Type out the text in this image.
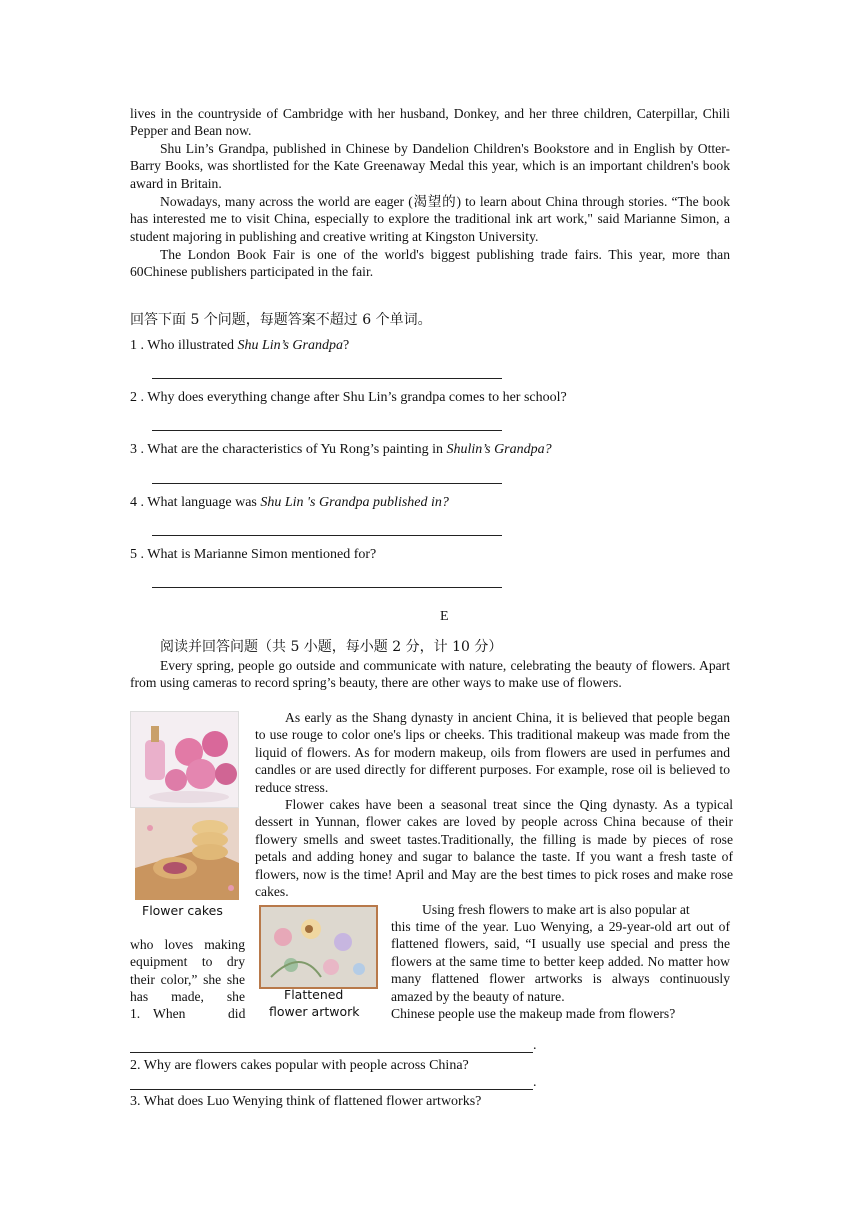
lives in the countryside of Cambridge with her husband, Donkey, and her three children, Caterpillar, Chili Pepper and Bean now.
Shu Lin’s Grandpa, published in Chinese by Dandelion Children's Bookstore and in English by Otter-Barry Books, was shortlisted for the Kate Greenaway Medal this year, which is an important children's book award in Britain.
Nowadays, many across the world are eager (渴望的) to learn about China through stories. “The book has interested me to visit China, especially to explore the traditional ink art work," said Marianne Simon, a student majoring in publishing and creative writing at Kingston University.
The London Book Fair is one of the world's biggest publishing trade fairs. This year, more than 60Chinese publishers participated in the fair.
回答下面 5 个问题，每题答案不超过 6 个单词。
1 . Who illustrated Shu Lin’s Grandpa?
2 . Why does everything change after Shu Lin’s grandpa comes to her school?
3 . What are the characteristics of Yu Rong’s painting in Shulin’s Grandpa?
4 . What language was Shu Lin 's Grandpa published in?
5 . What is Marianne Simon mentioned for?
E
阅读并回答问题（共 5 小题，每小题 2 分，计 10 分）
Every spring, people go outside and communicate with nature, celebrating the beauty of flowers. Apart from using cameras to record spring’s beauty, there are other ways to make use of flowers.
Flower cakes
As early as the Shang dynasty in ancient China, it is believed that people began to use rouge to color one's lips or cheeks. This traditional makeup was made from the liquid of flowers. As for modern makeup, oils from flowers are used in perfumes and candles or are used directly for different purposes. For example, rose oil is believed to reduce stress.
Flower cakes have been a seasonal treat since the Qing dynasty. As a typical dessert in Yunnan, flower cakes are loved by people across China because of their flowery smells and sweet tastes.Traditionally, the filling is made by pieces of rose petals and adding honey and sugar to balance the taste. If you want a fresh taste of flowers, now is the time! April and May are the best times to pick roses and make rose cakes.
Flattened
flower artwork
Using fresh flowers to make art is also popular at
this time of the year. Luo Wenying, a 29-year-old art out of flattened flowers, said, “I usually use special and press the flowers at the same time to better keep added. No matter how many flattened flower artworks is always continuously amazed by the beauty of nature.
who loves making equipment to dry their color,” she she has made, she
1. When	did	Chinese people use the makeup made from flowers?
.
2. Why are flowers cakes popular with people across China?
.
3. What does Luo Wenying think of flattened flower artworks?
